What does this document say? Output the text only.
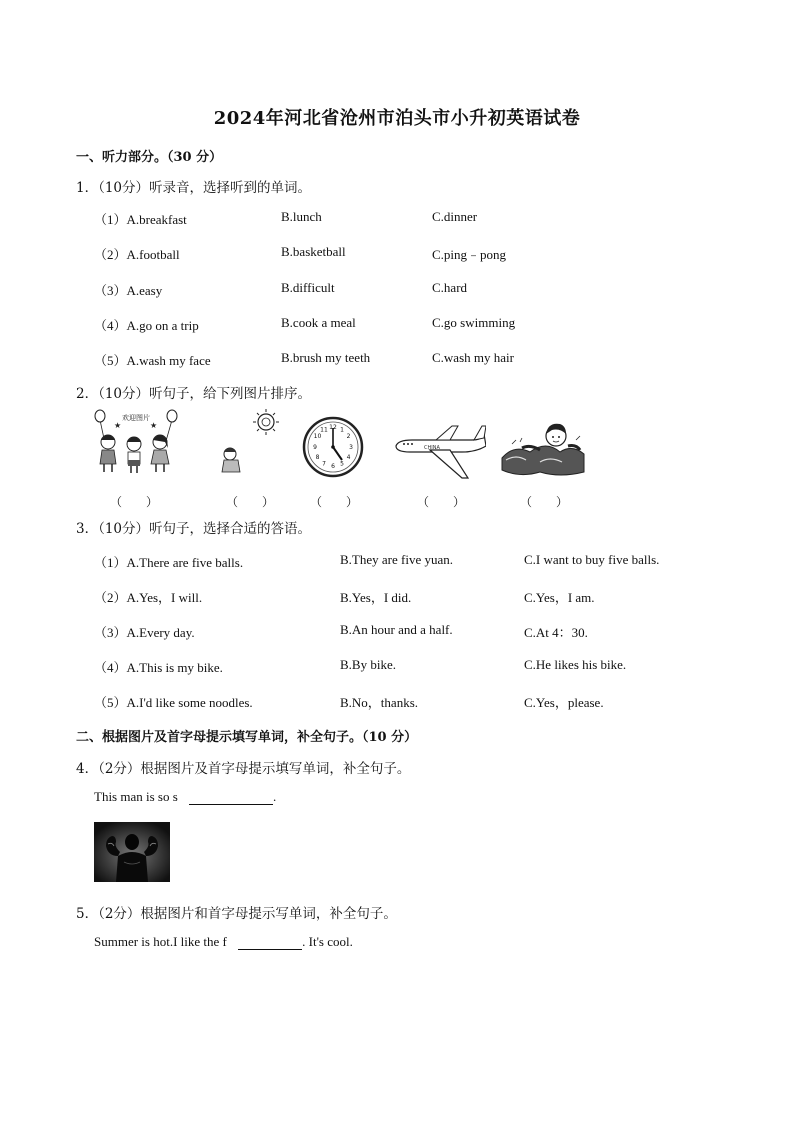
2024年河北省沧州市泊头市小升初英语试卷
一、听力部分。（30 分）
1．（10分）听录音，选择听到的单词。
（1）A.breakfast	B.lunch	C.dinner
（2）A.football	B.basketball	C.ping﹣pong
（3）A.easy	B.difficult	C.hard
（4）A.go on a trip	B.cook a meal	C.go swimming
（5）A.wash my face	B.brush my teeth	C.wash my hair
2．（10分）听句子，给下列图片排序。
欢迎图片
★	★	12 1
2
3
4
5
6
7
8
9
10
11
CHINA
（　　）	（　　）	（　　）	（　　）	（　　）
3．（10分）听句子，选择合适的答语。
（1）A.There are five balls.	B.They are five yuan.	C.I want to buy five balls.
（2）A.Yes，I will.	B.Yes，I did.	C.Yes，I am.
（3）A.Every day.	B.An hour and a half.	C.At 4：30.
（4）A.This is my bike.	B.By bike.	C.He likes his bike.
（5）A.I'd like some noodles.	B.No，thanks.	C.Yes，please.
二、根据图片及首字母提示填写单词，补全句子。（10 分）
4．（2分）根据图片及首字母提示填写单词，补全句子。
This man is so s	.
5．（2分）根据图片和首字母提示写单词，补全句子。
Summer is hot.I like the f	. It's cool.
